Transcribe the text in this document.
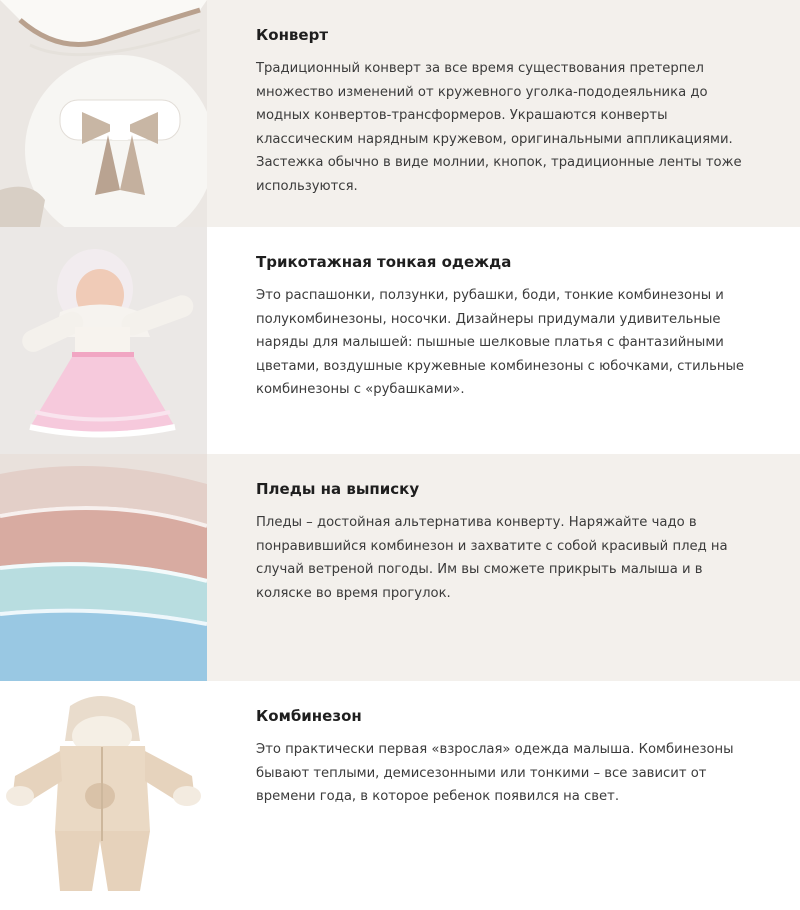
Конверт

Традиционный конверт за все время существования претерпел множество изменений от кружевного уголка-пододеяльника до модных конвертов-трансформеров. Украшаются конверты классическим нарядным кружевом, оригинальными аппликациями. Застежка обычно в виде молнии, кнопок, традиционные ленты тоже используются.

Трикотажная тонкая одежда

Это распашонки, ползунки, рубашки, боди, тонкие комбинезоны и полукомбинезоны, носочки. Дизайнеры придумали удивительные наряды для малышей: пышные шелковые платья с фантазийными цветами, воздушные кружевные комбинезоны с юбочками, стильные комбинезоны с «рубашками».

Пледы на выписку

Пледы – достойная альтернатива конверту. Наряжайте чадо в понравившийся комбинезон и захватите с собой красивый плед на случай ветреной погоды. Им вы сможете прикрыть малыша и в коляске во время прогулок.

Комбинезон

Это практически первая «взрослая» одежда малыша. Комбинезоны бывают теплыми, демисезонными или тонкими – все зависит от времени года, в которое ребенок появился на свет.
